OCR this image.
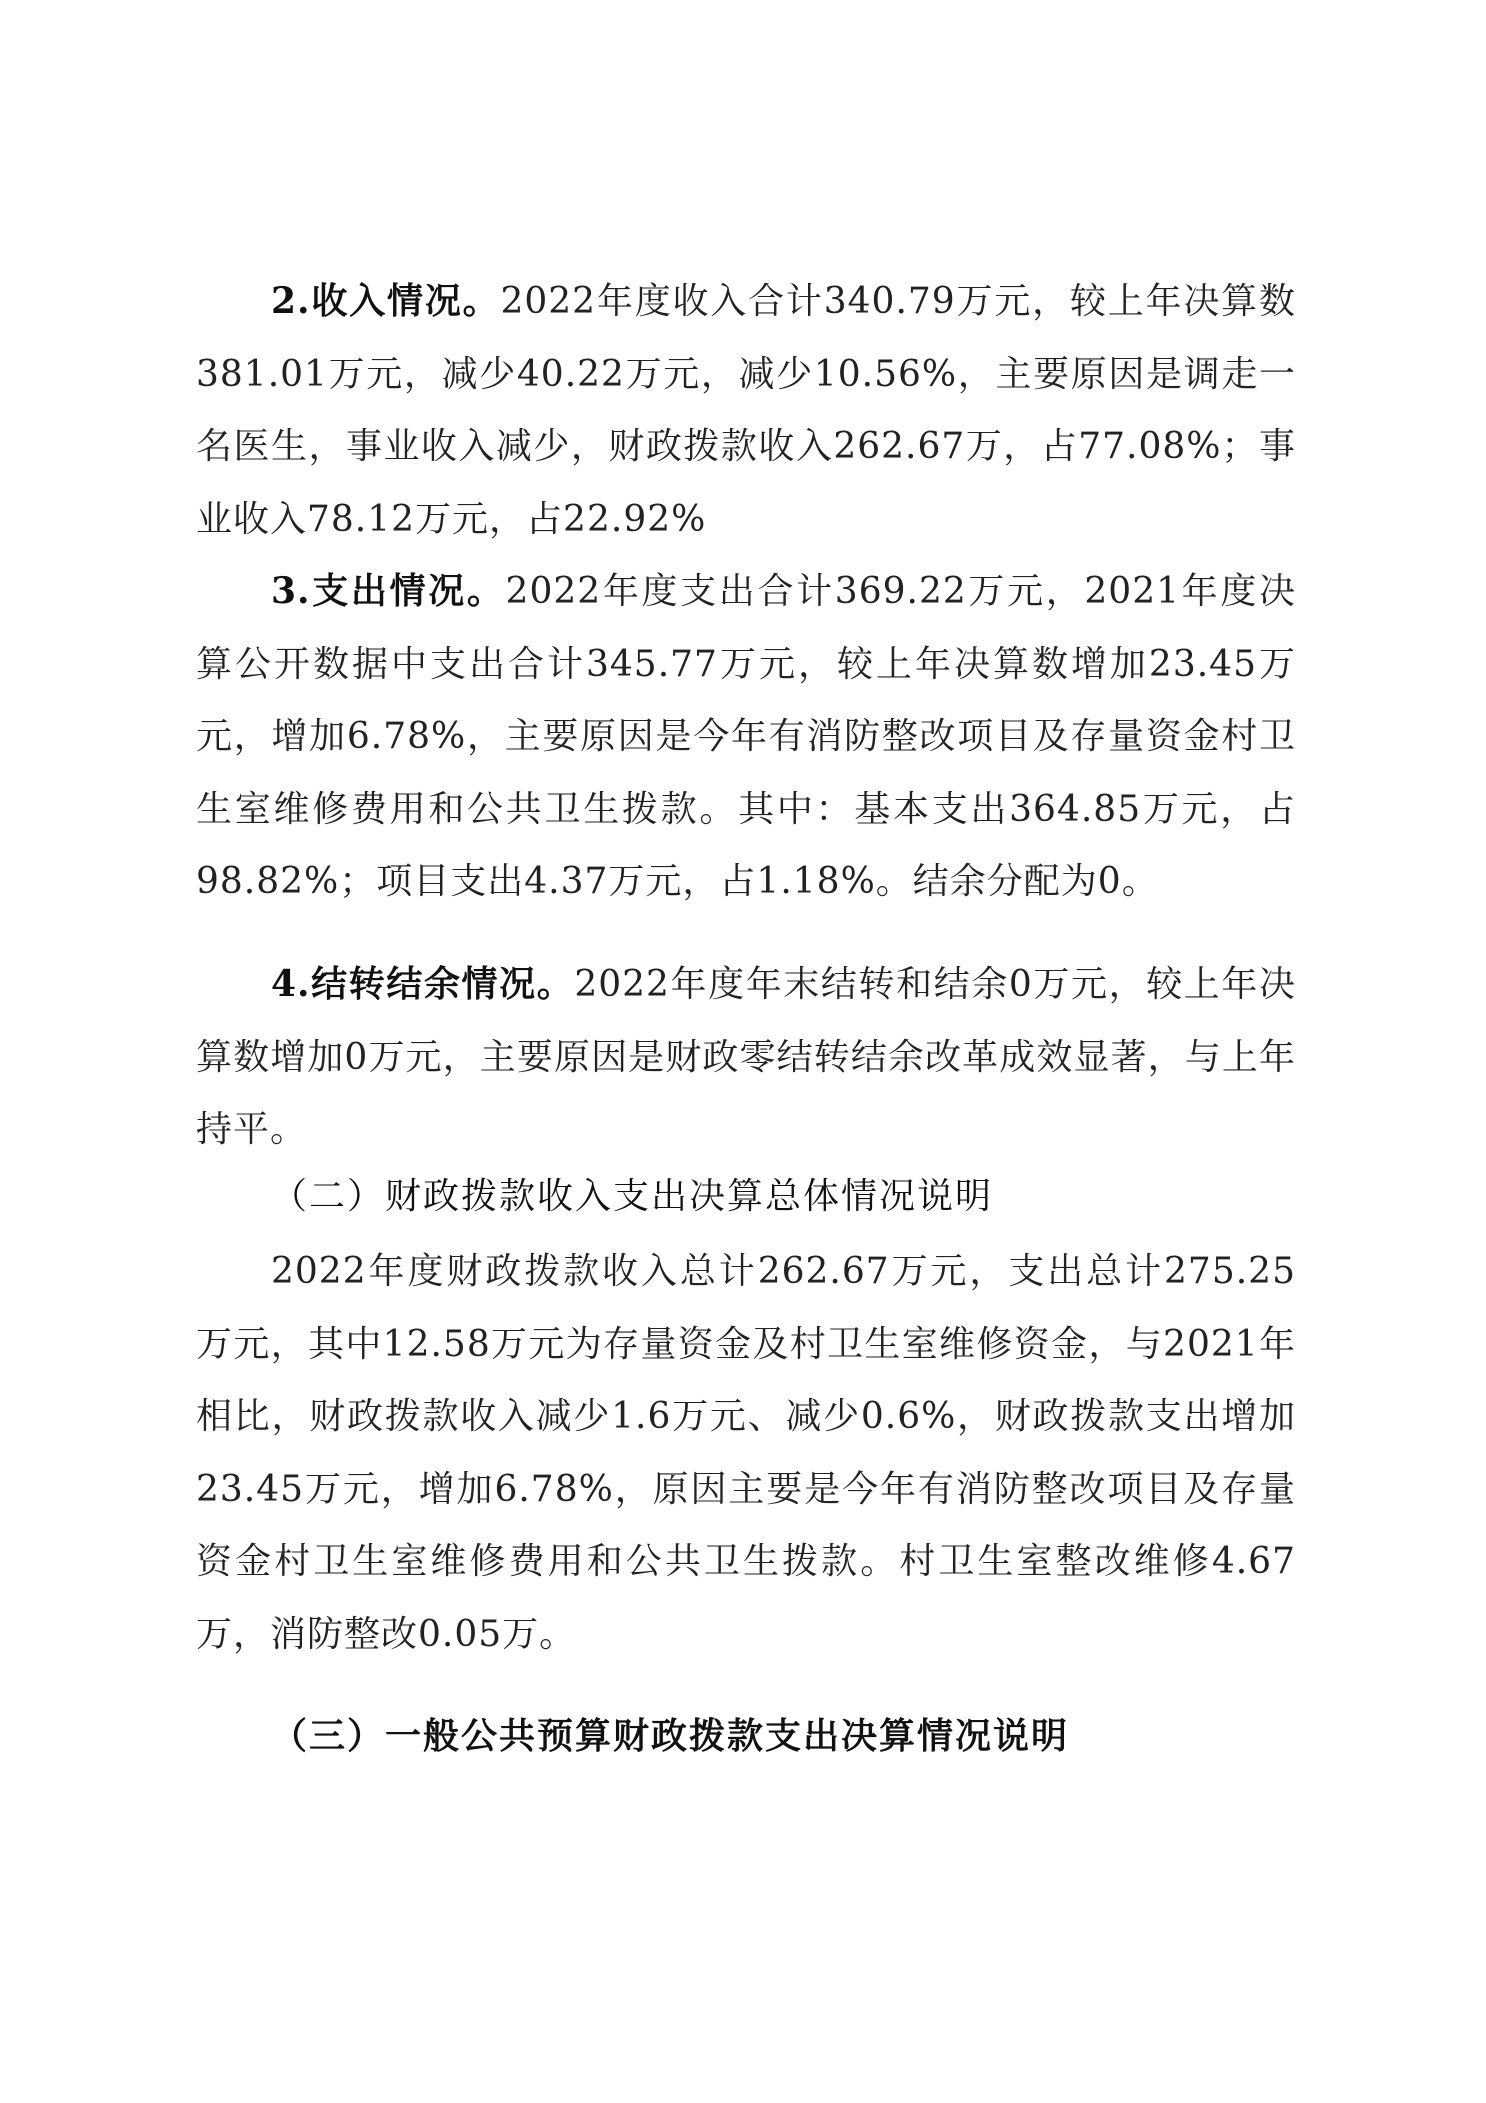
2.收入情况。2022年度收入合计340.79万元，较上年决算数381.01万元，减少40.22万元，减少10.56%，主要原因是调走一名医生，事业收入减少，财政拨款收入262.67万，占77.08%；事业收入78.12万元，占22.92%

3.支出情况。2022年度支出合计369.22万元，2021年度决算公开数据中支出合计345.77万元，较上年决算数增加23.45万元，增加6.78%，主要原因是今年有消防整改项目及存量资金村卫生室维修费用和公共卫生拨款。其中：基本支出364.85万元，占98.82%；项目支出4.37万元，占1.18%。结余分配为0。

4.结转结余情况。2022年度年末结转和结余0万元，较上年决算数增加0万元，主要原因是财政零结转结余改革成效显著，与上年持平。

（二）财政拨款收入支出决算总体情况说明

2022年度财政拨款收入总计262.67万元，支出总计275.25万元，其中12.58万元为存量资金及村卫生室维修资金，与2021年相比，财政拨款收入减少1.6万元、减少0.6%，财政拨款支出增加23.45万元，增加6.78%，原因主要是今年有消防整改项目及存量资金村卫生室维修费用和公共卫生拨款。村卫生室整改维修4.67万，消防整改0.05万。

（三）一般公共预算财政拨款支出决算情况说明
